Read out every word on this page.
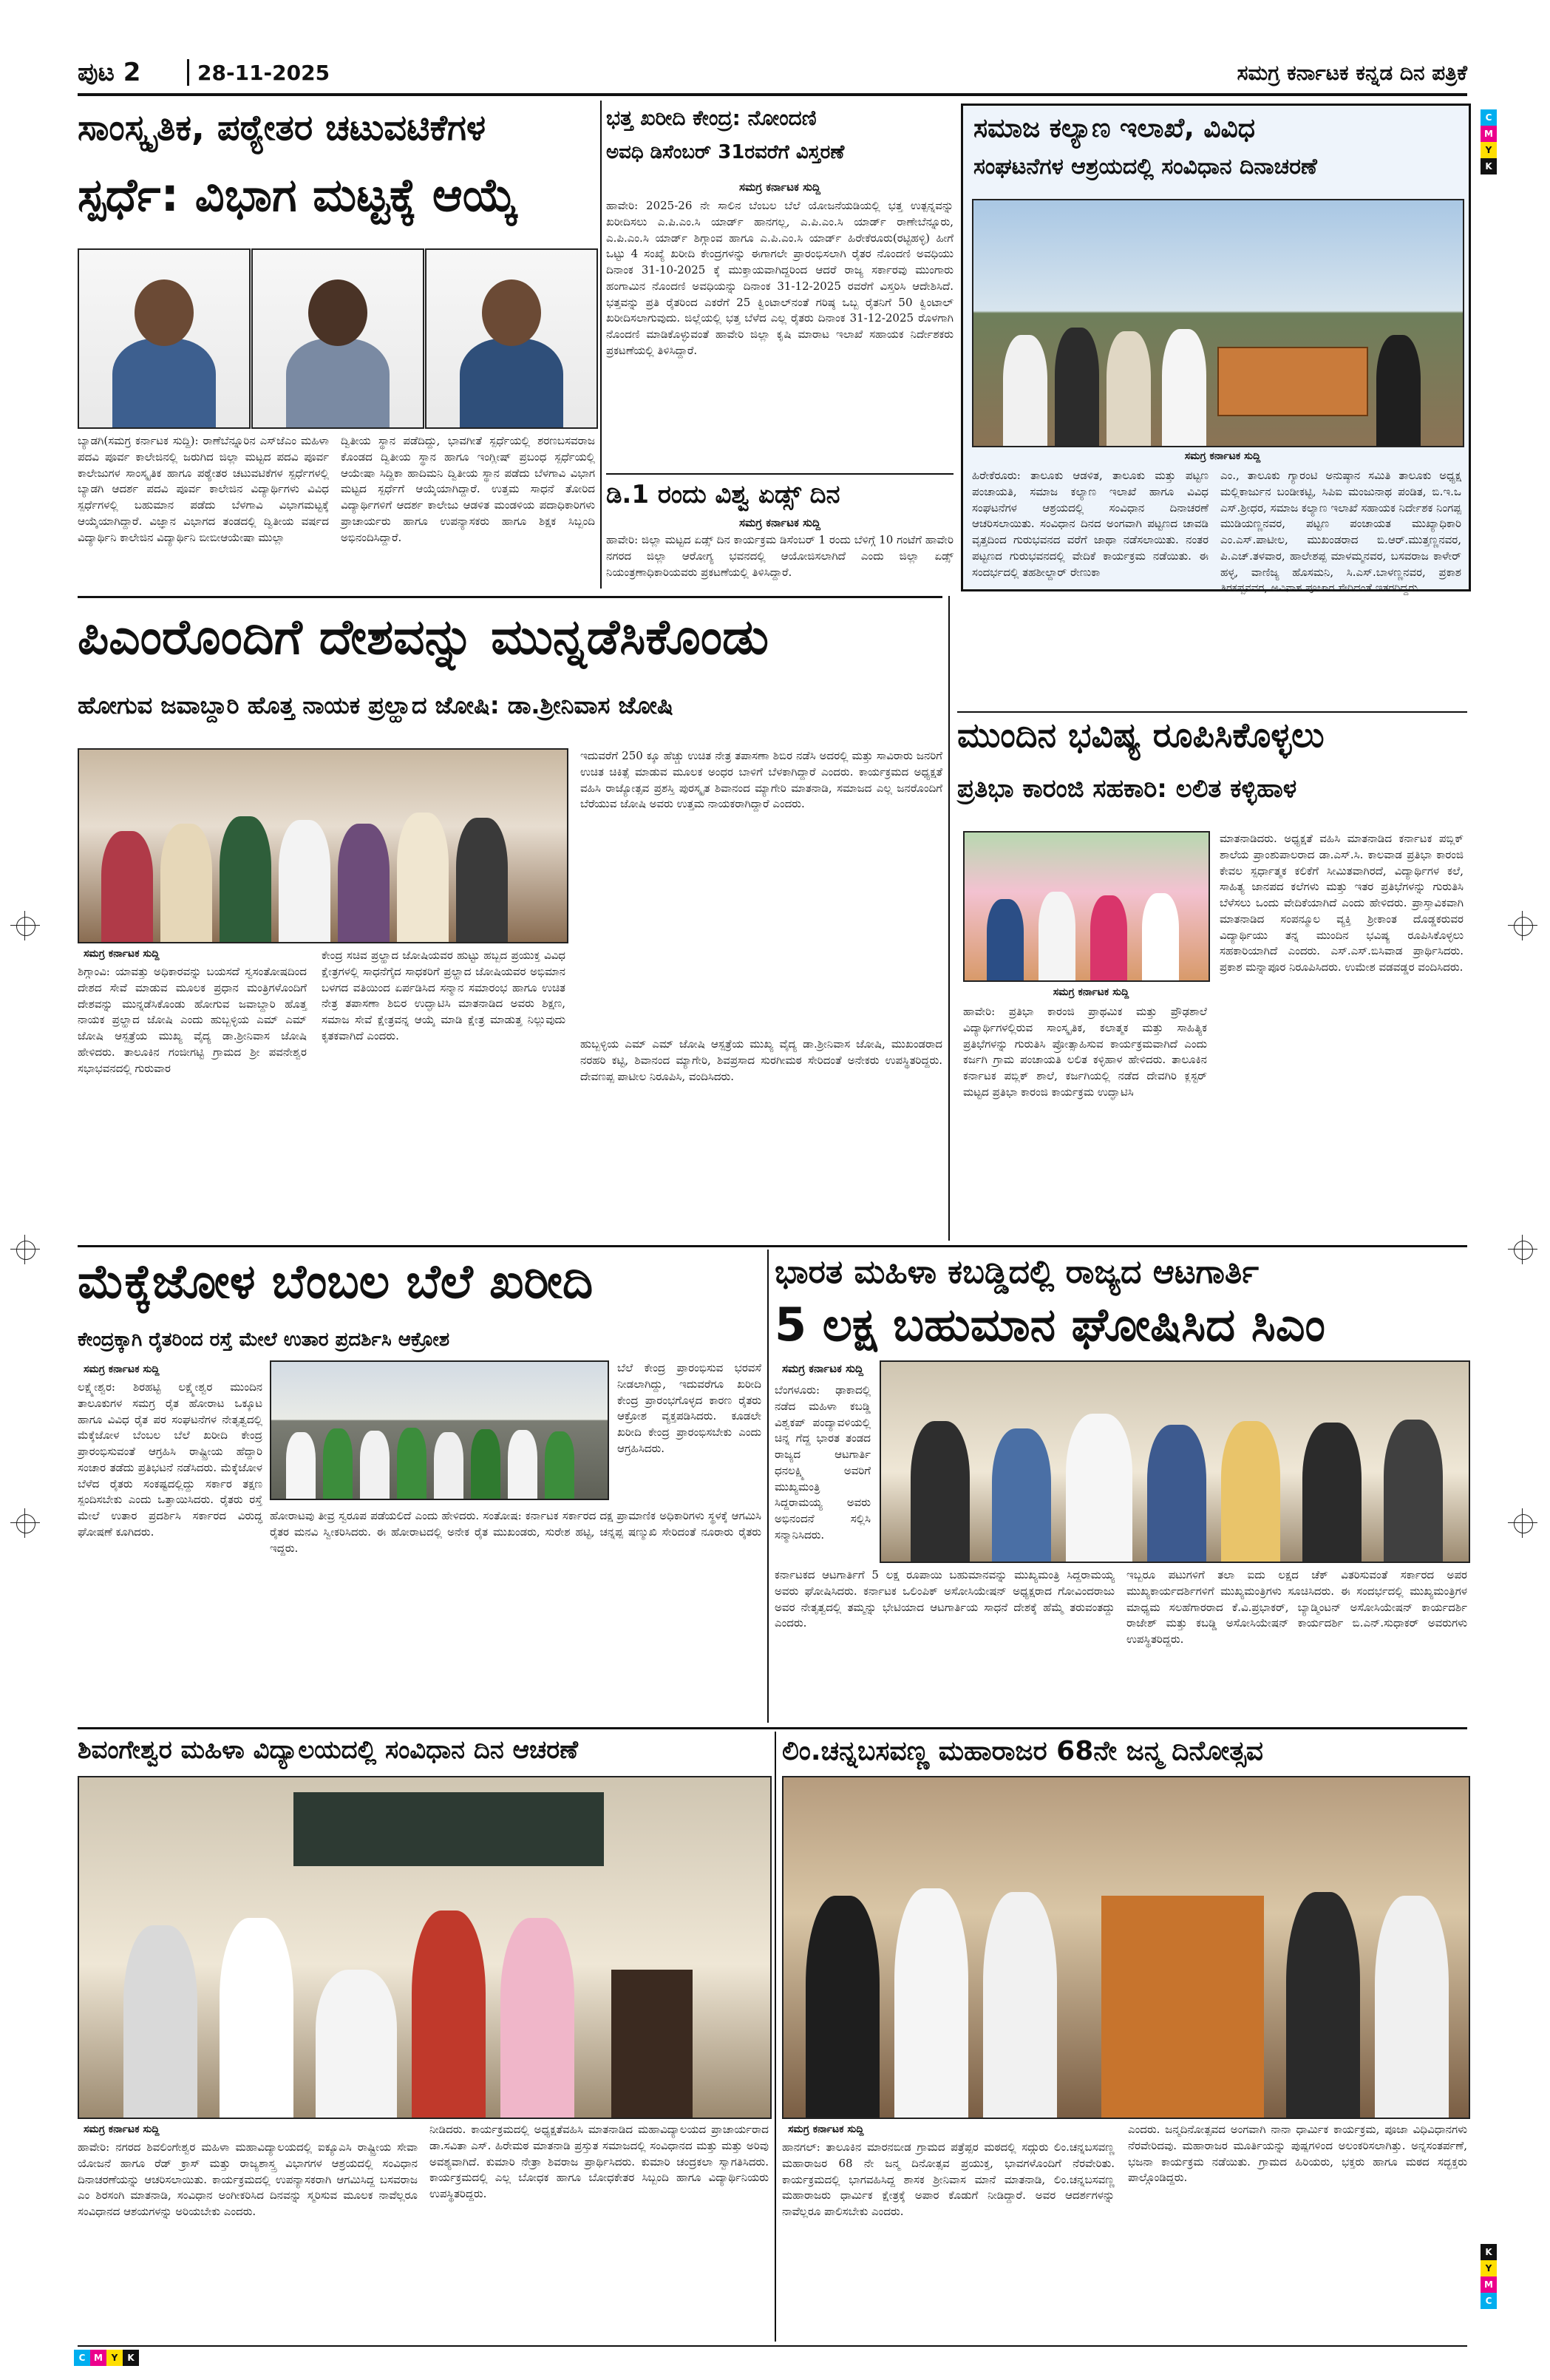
ಪುಟ 2	28-11-2025	ಸಮಗ್ರ ಕರ್ನಾಟಕ ಕನ್ನಡ ದಿನ ಪತ್ರಿಕೆ
C
M
Y
K
K
Y
M
C
C M Y	K
ಸಾಂಸ್ಕೃತಿಕ, ಪಠ್ಯೇತರ ಚಟುವಟಿಕೆಗಳ
ಸ್ಪರ್ಧೆ: ವಿಭಾಗ ಮಟ್ಟಕ್ಕೆ ಆಯ್ಕೆ
ಬ್ಯಾಡಗಿ(ಸಮಗ್ರ ಕರ್ನಾಟಕ ಸುದ್ದಿ): ರಾಣೆಬೆನ್ನೂರಿನ ಎಸ್‌ಜೆಎಂ ಮಹಿಳಾ ಪದವಿ ಪೂರ್ವ ಕಾಲೇಜಿನಲ್ಲಿ ಜರುಗಿದ ಜಿಲ್ಲಾ ಮಟ್ಟದ ಪದವಿ ಪೂರ್ವ ಕಾಲೇಜುಗಳ ಸಾಂಸ್ಕೃತಿಕ ಹಾಗೂ ಪಠ್ಯೇತರ ಚಟುವಟಿಕೆಗಳ ಸ್ಪರ್ಧೆಗಳಲ್ಲಿ ಬ್ಯಾಡಗಿ ಆದರ್ಶ ಪದವಿ ಪೂರ್ವ ಕಾಲೇಜಿನ ವಿದ್ಯಾರ್ಥಿಗಳು ವಿವಿಧ ಸ್ಪರ್ಧೆಗಳಲ್ಲಿ ಬಹುಮಾನ ಪಡೆದು ಬೆಳಗಾವಿ ವಿಭಾಗಮಟ್ಟಕ್ಕೆ ಆಯ್ಕೆಯಾಗಿದ್ದಾರೆ. ವಿಜ್ಞಾನ ವಿಭಾಗದ ತಂಡದಲ್ಲಿ ದ್ವಿತೀಯ ವರ್ಷದ ವಿದ್ಯಾರ್ಥಿನಿ ಕಾಲೇಜಿನ ವಿದ್ಯಾರ್ಥಿನಿ ಬೀಬೀಆಯೇಷಾ ಮುಲ್ಲಾ
ದ್ವಿತೀಯ ಸ್ಥಾನ ಪಡೆದಿದ್ದು, ಭಾವಗೀತೆ ಸ್ಪರ್ಧೆಯಲ್ಲಿ ಶರಣಬಸವರಾಜ ಕೊಂಡದ ದ್ವಿತೀಯ ಸ್ಥಾನ ಹಾಗೂ ಇಂಗ್ಲೀಷ್ ಪ್ರಬಂಧ ಸ್ಪರ್ಧೆಯಲ್ಲಿ ಆಯೇಷಾ ಸಿದ್ದಿಕಾ ಹಾದಿಮನಿ ದ್ವಿತೀಯ ಸ್ಥಾನ ಪಡೆದು ಬೆಳಗಾವಿ ವಿಭಾಗ ಮಟ್ಟದ ಸ್ಪರ್ಧೆಗೆ ಆಯ್ಕೆಯಾಗಿದ್ದಾರೆ. ಉತ್ತಮ ಸಾಧನೆ ತೋರಿದ ವಿದ್ಯಾರ್ಥಿಗಳಿಗೆ ಆದರ್ಶ ಕಾಲೇಜು ಆಡಳಿತ ಮಂಡಳಿಯ ಪದಾಧಿಕಾರಿಗಳು ಪ್ರಾಚಾರ್ಯರು ಹಾಗೂ ಉಪನ್ಯಾಸಕರು ಹಾಗೂ ಶಿಕ್ಷಕ ಸಿಬ್ಬಂದಿ ಅಭಿನಂದಿಸಿದ್ದಾರೆ.
ಭತ್ತ ಖರೀದಿ ಕೇಂದ್ರ: ನೋಂದಣಿ
ಅವಧಿ ಡಿಸೆಂಬರ್ 31ರವರೆಗೆ ವಿಸ್ತರಣೆ
ಸಮಗ್ರ ಕರ್ನಾಟಕ ಸುದ್ದಿ
ಹಾವೇರಿ: 2025-26 ನೇ ಸಾಲಿನ ಬೆಂಬಲ ಬೆಲೆ ಯೋಜನೆಯಡಿಯಲ್ಲಿ ಭತ್ತ ಉತ್ಪನ್ನವನ್ನು ಖರೀದಿಸಲು ಎ.ಪಿ.ಎಂ.ಸಿ ಯಾರ್ಡ್ ಹಾನಗಲ್ಲ, ಎ.ಪಿ.ಎಂ.ಸಿ ಯಾರ್ಡ್ ರಾಣೇಬೆನ್ನೂರು, ಎ.ಪಿ.ಎಂ.ಸಿ ಯಾರ್ಡ್ ಶಿಗ್ಗಾಂವ ಹಾಗೂ ಎ.ಪಿ.ಎಂ.ಸಿ ಯಾರ್ಡ್ ಹಿರೇಕೆರೂರು(ರಟ್ಟಿಹಳ್ಳಿ) ಹೀಗೆ ಒಟ್ಟು 4 ಸಂಖ್ಯೆ ಖರೀದಿ ಕೇಂದ್ರಗಳನ್ನು ಈಗಾಗಲೇ ಪ್ರಾರಂಭಿಸಲಾಗಿ ರೈತರ ನೊಂದಣಿ ಅವಧಿಯು ದಿನಾಂಕ 31-10-2025 ಕ್ಕೆ ಮುಕ್ತಾಯವಾಗಿದ್ದರಿಂದ ಆದರೆ ರಾಜ್ಯ ಸರ್ಕಾರವು ಮುಂಗಾರು ಹಂಗಾಮಿನ ನೊಂದಣಿ ಅವಧಿಯನ್ನು ದಿನಾಂಕ 31-12-2025 ರವರೆಗೆ ವಿಸ್ತರಿಸಿ ಆದೇಶಿಸಿದೆ. ಭತ್ತವನ್ನು ಪ್ರತಿ ರೈತರಿಂದ ಎಕರೆಗೆ 25 ಕ್ವಿಂಟಾಲ್‌ನಂತೆ ಗರಿಷ್ಠ ಒಬ್ಬ ರೈತನಿಗೆ 50 ಕ್ವಿಂಟಾಲ್ ಖರೀದಿಸಲಾಗುವುದು. ಜಿಲ್ಲೆಯಲ್ಲಿ ಭತ್ತ ಬೆಳೆದ ಎಲ್ಲ ರೈತರು ದಿನಾಂಕ 31-12-2025 ರೊಳಗಾಗಿ ನೊಂದಣಿ ಮಾಡಿಕೊಳ್ಳುವಂತೆ ಹಾವೇರಿ ಜಿಲ್ಲಾ ಕೃಷಿ ಮಾರಾಟ ಇಲಾಖೆ ಸಹಾಯಕ ನಿರ್ದೇಶಕರು ಪ್ರಕಟಣೆಯಲ್ಲಿ ತಿಳಿಸಿದ್ದಾರೆ.
ಡಿ.1 ರಂದು ವಿಶ್ವ ಏಡ್ಸ್ ದಿನ
ಸಮಗ್ರ ಕರ್ನಾಟಕ ಸುದ್ದಿ
ಹಾವೇರಿ: ಜಿಲ್ಲಾ ಮಟ್ಟದ ಏಡ್ಸ್ ದಿನ ಕಾರ್ಯಕ್ರಮ ಡಿಸೆಂಬರ್ 1 ರಂದು ಬೆಳಿಗ್ಗೆ 10 ಗಂಟೆಗೆ ಹಾವೇರಿ ನಗರದ ಜಿಲ್ಲಾ ಆರೋಗ್ಯ ಭವನದಲ್ಲಿ ಆಯೋಜಿಸಲಾಗಿದೆ ಎಂದು ಜಿಲ್ಲಾ ಏಡ್ಸ್ ನಿಯಂತ್ರಣಾಧಿಕಾರಿಯವರು ಪ್ರಕಟಣೆಯಲ್ಲಿ ತಿಳಿಸಿದ್ದಾರೆ.
ಸಮಾಜ ಕಲ್ಯಾಣ ಇಲಾಖೆ, ವಿವಿಧ
ಸಂಘಟನೆಗಳ ಆಶ್ರಯದಲ್ಲಿ ಸಂವಿಧಾನ ದಿನಾಚರಣೆ
ಸಮಗ್ರ ಕರ್ನಾಟಕ ಸುದ್ದಿ
ಹಿರೇಕೆರೂರು: ತಾಲೂಕು ಆಡಳಿತ, ತಾಲೂಕು ಮತ್ತು ಪಟ್ಟಣ ಪಂಚಾಯತಿ, ಸಮಾಜ ಕಲ್ಯಾಣ ಇಲಾಖೆ ಹಾಗೂ ವಿವಿಧ ಸಂಘಟನೆಗಳ ಆಶ್ರಯದಲ್ಲಿ ಸಂವಿಧಾನ ದಿನಾಚರಣೆ ಆಚರಿಸಲಾಯಿತು. ಸಂವಿಧಾನ ದಿನದ ಅಂಗವಾಗಿ ಪಟ್ಟಣದ ಚಾವಡಿ ವೃತ್ತದಿಂದ ಗುರುಭವನದ ವರೆಗೆ ಜಾಥಾ ನಡೆಸಲಾಯಿತು. ನಂತರ ಪಟ್ಟಣದ ಗುರುಭವನದಲ್ಲಿ ವೇದಿಕೆ ಕಾರ್ಯಕ್ರಮ ನಡೆಯಿತು. ಈ ಸಂದರ್ಭದಲ್ಲಿ ತಹಶೀಲ್ದಾರ್ ರೇಣುಕಾ
ಎಂ., ತಾಲೂಕು ಗ್ಯಾರಂಟಿ ಅನುಷ್ಠಾನ ಸಮಿತಿ ತಾಲೂಕು ಅಧ್ಯಕ್ಷ ಮಲ್ಲಿಕಾರ್ಜುನ ಬಂಡೀಕಟ್ಟಿ, ಸಿಪಿಐ ಮಂಜುನಾಥ ಪಂಡಿತ, ಬಿ.ಇ.ಒ ಎಸ್.ಶ್ರೀಧರ, ಸಮಾಜ ಕಲ್ಯಾಣ ಇಲಾಖೆ ಸಹಾಯಕ ನಿರ್ದೇಶಕ ನಿಂಗಪ್ಪ ಮುಡಿಯಣ್ಣನವರ, ಪಟ್ಟಣ ಪಂಚಾಯತ ಮುಖ್ಯಾಧಿಕಾರಿ ಎಂ.ಎಸ್.ಪಾಟೀಲ, ಮುಖಂಡರಾದ ಬಿ.ಆರ್.ಮುತ್ತಣ್ಣನವರ, ಪಿ.ಎಚ್.ತಳವಾರ, ಹಾಲೇಶಪ್ಪ ಮಾಳಮ್ಮನವರ, ಬಸವರಾಜ ಕಾಳೇರ್ ಹಳ್ಳ, ವಾಣಿಜ್ಯ ಹೊಸಮನಿ, ಸಿ.ಎಸ್.ಬಾಳಣ್ಣನವರ, ಪ್ರಕಾಶ ತಿರಕಪ್ಪನವರ, ಅವಿನಾಶ ಪೂಜಾರ ಸೇರಿದಂತೆ ಇತರರಿದ್ದರು.
ಪಿಎಂರೊಂದಿಗೆ ದೇಶವನ್ನು ಮುನ್ನಡೆಸಿಕೊಂಡು
ಹೋಗುವ ಜವಾಬ್ದಾರಿ ಹೊತ್ತ ನಾಯಕ ಪ್ರಲ್ಹಾದ ಜೋಷಿ: ಡಾ.ಶ್ರೀನಿವಾಸ ಜೋಷಿ
ಸಮಗ್ರ ಕರ್ನಾಟಕ ಸುದ್ದಿ
ಶಿಗ್ಗಾಂವಿ: ಯಾವತ್ತು ಅಧಿಕಾರವನ್ನು ಬಯಸದೆ ಸ್ವಸಂತೋಷದಿಂದ ದೇಶದ ಸೇವೆ ಮಾಡುವ ಮೂಲಕ ಪ್ರಧಾನ ಮಂತ್ರಿಗಳೊಂದಿಗೆ ದೇಶವನ್ನು ಮುನ್ನಡೆಸಿಕೊಂಡು ಹೋಗುವ ಜವಾಬ್ದಾರಿ ಹೊತ್ತ ನಾಯಕ ಪ್ರಲ್ಹಾದ ಜೋಷಿ ಎಂದು ಹುಬ್ಬಳ್ಳಿಯ ಎಮ್ ಎಮ್ ಜೋಷಿ ಆಸ್ಪತ್ರೆಯ ಮುಖ್ಯ ವೈದ್ಯ ಡಾ.ಶ್ರೀನಿವಾಸ ಜೋಷಿ ಹೇಳಿದರು. ತಾಲೂಕಿನ ಗಂಜೀಗಟ್ಟಿ ಗ್ರಾಮದ ಶ್ರೀ ಪವನೇಶ್ವರ ಸಭಾಭವನದಲ್ಲಿ ಗುರುವಾರ
ಕೇಂದ್ರ ಸಚಿವ ಪ್ರಲ್ಹಾದ ಜೋಷಿಯವರ ಹುಟ್ಟು ಹಬ್ಬದ ಪ್ರಯುಕ್ತ ವಿವಿಧ ಕ್ಷೇತ್ರಗಳಲ್ಲಿ ಸಾಧನೆಗೈದ ಸಾಧಕರಿಗೆ ಪ್ರಲ್ಹಾದ ಜೋಷಿಯವರ ಅಭಿಮಾನ ಬಳಗದ ವತಿಯಿಂದ ಏರ್ಪಡಿಸಿದ ಸನ್ಮಾನ ಸಮಾರಂಭ ಹಾಗೂ ಉಚಿತ ನೇತ್ರ ತಪಾಸಣಾ ಶಿಬಿರ ಉದ್ಘಾಟಿಸಿ ಮಾತನಾಡಿದ ಅವರು ಶಿಕ್ಷಣ, ಸಮಾಜ ಸೇವೆ ಕ್ಷೇತ್ರವನ್ನ ಆಯ್ಕೆ ಮಾಡಿ ಕ್ಷೇತ್ರ ಮಾಡುತ್ತ ನಿಲ್ಲುವುದು ಕೃತಕವಾಗಿದೆ ಎಂದರು.
ಇದುವರೆಗೆ 250 ಕ್ಕೂ ಹೆಚ್ಚು ಉಚಿತ ನೇತ್ರ ತಪಾಸಣಾ ಶಿಬಿರ ನಡೆಸಿ ಅದರಲ್ಲಿ ಮತ್ತು ಸಾವಿರಾರು ಜನರಿಗೆ ಉಚಿತ ಚಿಕಿತ್ಸೆ ಮಾಡುವ ಮೂಲಕ ಅಂಧರ ಬಾಳಿಗೆ ಬೆಳಕಾಗಿದ್ದಾರೆ ಎಂದರು. ಕಾರ್ಯಕ್ರಮದ ಅಧ್ಯಕ್ಷತೆ ವಹಿಸಿ ರಾಜ್ಯೋತ್ಸವ ಪ್ರಶಸ್ತಿ ಪುರಸ್ಕೃತ ಶಿವಾನಂದ ಮ್ಯಾಗೇರಿ ಮಾತನಾಡಿ, ಸಮಾಜದ ಎಲ್ಲ ಜನರೊಂದಿಗೆ ಬೆರೆಯುವ ಜೋಷಿ ಅವರು ಉತ್ತಮ ನಾಯಕರಾಗಿದ್ದಾರೆ ಎಂದರು.
ಹುಬ್ಬಳ್ಳಿಯ ಎಮ್ ಎಮ್ ಜೋಷಿ ಆಸ್ಪತ್ರೆಯ ಮುಖ್ಯ ವೈದ್ಯ ಡಾ.ಶ್ರೀನಿವಾಸ ಜೋಷಿ, ಮುಖಂಡರಾದ ನರಹರಿ ಕಟ್ಟಿ, ಶಿವಾನಂದ ಮ್ಯಾಗೇರಿ, ಶಿವಪ್ರಸಾದ ಸುರಗೀಮಠ ಸೇರಿದಂತೆ ಅನೇಕರು ಉಪಸ್ಥಿತರಿದ್ದರು. ದೇವಣಪ್ಪ ಪಾಟೀಲ ನಿರೂಪಿಸಿ, ವಂದಿಸಿದರು.
ಮುಂದಿನ ಭವಿಷ್ಯ ರೂಪಿಸಿಕೊಳ್ಳಲು
ಪ್ರತಿಭಾ ಕಾರಂಜಿ ಸಹಕಾರಿ: ಲಲಿತ ಕಳ್ಳಿಹಾಳ
ಸಮಗ್ರ ಕರ್ನಾಟಕ ಸುದ್ದಿ
ಹಾವೇರಿ: ಪ್ರತಿಭಾ ಕಾರಂಜಿ ಪ್ರಾಥಮಿಕ ಮತ್ತು ಪ್ರೌಢಶಾಲೆ ವಿದ್ಯಾರ್ಥಿಗಳಲ್ಲಿರುವ ಸಾಂಸ್ಕೃತಿಕ, ಕಲಾತ್ಮಕ ಮತ್ತು ಸಾಹಿತ್ಯಿಕ ಪ್ರತಿಭೆಗಳನ್ನು ಗುರುತಿಸಿ ಪ್ರೋತ್ಸಾಹಿಸುವ ಕಾರ್ಯಕ್ರಮವಾಗಿದೆ ಎಂದು ಕರ್ಜಗಿ ಗ್ರಾಮ ಪಂಚಾಯತಿ ಲಲಿತ ಕಳ್ಳಿಹಾಳ ಹೇಳಿದರು. ತಾಲೂಕಿನ ಕರ್ನಾಟಕ ಪಬ್ಲಿಕ್ ಶಾಲೆ, ಕರ್ಜಗಿಯಲ್ಲಿ ನಡೆದ ದೇವಗಿರಿ ಕ್ಲಸ್ಟರ್ ಮಟ್ಟದ ಪ್ರತಿಭಾ ಕಾರಂಜಿ ಕಾರ್ಯಕ್ರಮ ಉದ್ಘಾಟಿಸಿ
ಮಾತನಾಡಿದರು. ಅಧ್ಯಕ್ಷತೆ ವಹಿಸಿ ಮಾತನಾಡಿದ ಕರ್ನಾಟಕ ಪಬ್ಲಿಕ್ ಶಾಲೆಯ ಪ್ರಾಂಶುಪಾಲರಾದ ಡಾ.ಎಸ್.ಸಿ. ಕಾಲವಾಡ ಪ್ರತಿಭಾ ಕಾರಂಜಿ ಕೇವಲ ಸ್ಪರ್ಧಾತ್ಮಕ ಕಲಿಕೆಗೆ ಸೀಮಿತವಾಗಿರದೆ, ವಿದ್ಯಾರ್ಥಿಗಳ ಕಲೆ, ಸಾಹಿತ್ಯ ಜಾನಪದ ಕಲೆಗಳು ಮತ್ತು ಇತರ ಪ್ರತಿಭೆಗಳನ್ನು ಗುರುತಿಸಿ ಬೆಳೆಸಲು ಒಂದು ವೇದಿಕೆಯಾಗಿದೆ ಎಂದು ಹೇಳಿದರು. ಪ್ರಾಸ್ತಾವಿಕವಾಗಿ ಮಾತನಾಡಿದ ಸಂಪನ್ಮೂಲ ವ್ಯಕ್ತಿ ಶ್ರೀಕಾಂತ ದೊಡ್ಡಕರುವರ ವಿದ್ಯಾರ್ಥಿಯು ತನ್ನ ಮುಂದಿನ ಭವಿಷ್ಯ ರೂಪಿಸಿಕೊಳ್ಳಲು ಸಹಕಾರಿಯಾಗಿದೆ ಎಂದರು. ಎಸ್.ಎಸ್.ಬಿಸಿವಾಡ ಪ್ರಾರ್ಥಿಸಿದರು. ಪ್ರಕಾಶ ಮನ್ನಾಪೂರ ನಿರೂಪಿಸಿದರು. ಉಮೇಶ ವಡವಡ್ಡರ ವಂದಿಸಿದರು.
ಮೆಕ್ಕೆಜೋಳ ಬೆಂಬಲ ಬೆಲೆ ಖರೀದಿ
ಕೇಂದ್ರಕ್ಕಾಗಿ ರೈತರಿಂದ ರಸ್ತೆ ಮೇಲೆ ಉತಾರ ಪ್ರದರ್ಶಿಸಿ ಆಕ್ರೋಶ
ಸಮಗ್ರ ಕರ್ನಾಟಕ ಸುದ್ದಿ	ಬೆಲೆ ಕೇಂದ್ರ ಪ್ರಾರಂಭಿಸುವ ಭರವಸೆ ನೀಡಲಾಗಿದ್ದು, ಇದುವರೆಗೂ ಖರೀದಿ ಕೇಂದ್ರ ಪ್ರಾರಂಭಗೊಳ್ಳದ ಕಾರಣ ರೈತರು ಆಕ್ರೋಶ ವ್ಯಕ್ತಪಡಿಸಿದರು. ಕೂಡಲೇ ಖರೀದಿ ಕೇಂದ್ರ ಪ್ರಾರಂಭಿಸಬೇಕು ಎಂದು ಆಗ್ರಹಿಸಿದರು.
ಲಕ್ಷ್ಮೇಶ್ವರ: ಶಿರಹಟ್ಟಿ ಲಕ್ಷ್ಮೇಶ್ವರ ಮುಂದಿನ ತಾಲೂಕುಗಳ ಸಮಗ್ರ ರೈತ ಹೋರಾಟ ಒಕ್ಕೂಟ ಹಾಗೂ ವಿವಿಧ ರೈತ ಪರ ಸಂಘಟನೆಗಳ ನೇತೃತ್ವದಲ್ಲಿ ಮೆಕ್ಕೆಜೋಳ ಬೆಂಬಲ ಬೆಲೆ ಖರೀದಿ ಕೇಂದ್ರ ಪ್ರಾರಂಭಿಸುವಂತೆ ಆಗ್ರಹಿಸಿ ರಾಷ್ಟ್ರೀಯ ಹೆದ್ದಾರಿ ಸಂಚಾರ ತಡೆದು ಪ್ರತಿಭಟನೆ ನಡೆಸಿದರು. ಮೆಕ್ಕೆಜೋಳ ಬೆಳೆದ ರೈತರು ಸಂಕಷ್ಟದಲ್ಲಿದ್ದು ಸರ್ಕಾರ ತಕ್ಷಣ ಸ್ಪಂದಿಸಬೇಕು ಎಂದು ಒತ್ತಾಯಿಸಿದರು. ರೈತರು ರಸ್ತೆ ಮೇಲೆ ಉತಾರ ಪ್ರದರ್ಶಿಸಿ ಸರ್ಕಾರದ ವಿರುದ್ಧ ಘೋಷಣೆ ಕೂಗಿದರು.
ಹೋರಾಟವು ತೀವ್ರ ಸ್ವರೂಪ ಪಡೆಯಲಿದೆ ಎಂದು ಹೇಳಿದರು. ಸಂತೋಷ: ಕರ್ನಾಟಕ ಸರ್ಕಾರದ ದಕ್ಷ ಪ್ರಾಮಾಣಿಕ ಅಧಿಕಾರಿಗಳು ಸ್ಥಳಕ್ಕೆ ಆಗಮಿಸಿ ರೈತರ ಮನವಿ ಸ್ವೀಕರಿಸಿದರು. ಈ ಹೋರಾಟದಲ್ಲಿ ಅನೇಕ ರೈತ ಮುಖಂಡರು, ಸುರೇಶ ಹಟ್ಟಿ, ಚನ್ನಪ್ಪ ಷಣ್ಮುಖಿ ಸೇರಿದಂತೆ ನೂರಾರು ರೈತರು ಇದ್ದರು.
ಭಾರತ ಮಹಿಳಾ ಕಬಡ್ಡಿದಲ್ಲಿ ರಾಜ್ಯದ ಆಟಗಾರ್ತಿ
5 ಲಕ್ಷ ಬಹುಮಾನ ಘೋಷಿಸಿದ ಸಿಎಂ
ಸಮಗ್ರ ಕರ್ನಾಟಕ ಸುದ್ದಿ
ಬೆಂಗಳೂರು: ಢಾಕಾದಲ್ಲಿ ನಡೆದ ಮಹಿಳಾ ಕಬಡ್ಡಿ ವಿಶ್ವಕಪ್ ಪಂದ್ಯಾವಳಿಯಲ್ಲಿ ಚಿನ್ನ ಗೆದ್ದ ಭಾರತ ತಂಡದ ರಾಜ್ಯದ ಆಟಗಾರ್ತಿ ಧನಲಕ್ಷ್ಮಿ ಅವರಿಗೆ ಮುಖ್ಯಮಂತ್ರಿ ಸಿದ್ದರಾಮಯ್ಯ ಅವರು ಅಭಿನಂದನೆ ಸಲ್ಲಿಸಿ ಸನ್ಮಾನಿಸಿದರು.
ಕರ್ನಾಟಕದ ಆಟಗಾರ್ತಿಗೆ 5 ಲಕ್ಷ ರೂಪಾಯಿ ಬಹುಮಾನವನ್ನು ಮುಖ್ಯಮಂತ್ರಿ ಸಿದ್ದರಾಮಯ್ಯ ಅವರು ಘೋಷಿಸಿದರು. ಕರ್ನಾಟಕ ಒಲಿಂಪಿಕ್ ಅಸೋಸಿಯೇಷನ್ ಅಧ್ಯಕ್ಷರಾದ ಗೋವಿಂದರಾಜು ಅವರ ನೇತೃತ್ವದಲ್ಲಿ ತಮ್ಮನ್ನು ಭೇಟಿಯಾದ ಆಟಗಾರ್ತಿಯ ಸಾಧನೆ ದೇಶಕ್ಕೆ ಹೆಮ್ಮೆ ತರುವಂತದ್ದು ಎಂದರು.
ಇಬ್ಬರೂ ಪಟುಗಳಿಗೆ ತಲಾ ಐದು ಲಕ್ಷದ ಚೆಕ್ ವಿತರಿಸುವಂತೆ ಸರ್ಕಾರದ ಅಪರ ಮುಖ್ಯಕಾರ್ಯದರ್ಶಿಗಳಿಗೆ ಮುಖ್ಯಮಂತ್ರಿಗಳು ಸೂಚಿಸಿದರು. ಈ ಸಂದರ್ಭದಲ್ಲಿ ಮುಖ್ಯಮಂತ್ರಿಗಳ ಮಾಧ್ಯಮ ಸಲಹೆಗಾರರಾದ ಕೆ.ವಿ.ಪ್ರಭಾಕರ್, ಬ್ಯಾಡ್ಮಿಂಟನ್ ಅಸೋಸಿಯೇಷನ್ ಕಾರ್ಯದರ್ಶಿ ರಾಜೇಶ್ ಮತ್ತು ಕಬಡ್ಡಿ ಅಸೋಸಿಯೇಷನ್ ಕಾರ್ಯದರ್ಶಿ ಬಿ.ಎನ್.ಸುಧಾಕರ್ ಅವರುಗಳು ಉಪಸ್ಥಿತರಿದ್ದರು.
ಶಿವಂಗೇಶ್ವರ ಮಹಿಳಾ ವಿದ್ಯಾಲಯದಲ್ಲಿ ಸಂವಿಧಾನ ದಿನ ಆಚರಣೆ
ಸಮಗ್ರ ಕರ್ನಾಟಕ ಸುದ್ದಿ
ಹಾವೇರಿ: ನಗರದ ಶಿವಲಿಂಗೇಶ್ವರ ಮಹಿಳಾ ಮಹಾವಿದ್ಯಾಲಯದಲ್ಲಿ ಐಕ್ಯೂಎಸಿ ರಾಷ್ಟ್ರೀಯ ಸೇವಾ ಯೋಜನೆ ಹಾಗೂ ರೆಡ್ ಕ್ರಾಸ್ ಮತ್ತು ರಾಜ್ಯಶಾಸ್ತ್ರ ವಿಭಾಗಗಳ ಆಶ್ರಯದಲ್ಲಿ ಸಂವಿಧಾನ ದಿನಾಚರಣೆಯನ್ನು ಆಚರಿಸಲಾಯಿತು. ಕಾರ್ಯಕ್ರಮದಲ್ಲಿ ಉಪನ್ಯಾಸಕರಾಗಿ ಆಗಮಿಸಿದ್ದ ಬಸವರಾಜ ಎಂ ಶಿರಸಂಗಿ ಮಾತನಾಡಿ, ಸಂವಿಧಾನ ಅಂಗೀಕರಿಸಿದ ದಿನವನ್ನು ಸ್ಮರಿಸುವ ಮೂಲಕ ನಾವೆಲ್ಲರೂ ಸಂವಿಧಾನದ ಆಶಯಗಳನ್ನು ಅರಿಯಬೇಕು ಎಂದರು.
ನೀಡಿದರು. ಕಾರ್ಯಕ್ರಮದಲ್ಲಿ ಅಧ್ಯಕ್ಷತೆವಹಿಸಿ ಮಾತನಾಡಿದ ಮಹಾವಿದ್ಯಾಲಯದ ಪ್ರಾಚಾರ್ಯರಾದ ಡಾ.ಸವಿತಾ ಎಸ್. ಹಿರೇಮಠ ಮಾತನಾಡಿ ಪ್ರಸ್ತುತ ಸಮಾಜದಲ್ಲಿ ಸಂವಿಧಾನದ ಮತ್ತು ಮತ್ತು ಅರಿವು ಅವಶ್ಯವಾಗಿದೆ. ಕುಮಾರಿ ನೇತ್ರಾ ಶಿವರಾಜ ಪ್ರಾರ್ಥಿಸಿದರು. ಕುಮಾರಿ ಚಂದ್ರಕಲಾ ಸ್ವಾಗತಿಸಿದರು. ಕಾರ್ಯಕ್ರಮದಲ್ಲಿ ಎಲ್ಲ ಬೋಧಕ ಹಾಗೂ ಬೋಧಕೇತರ ಸಿಬ್ಬಂದಿ ಹಾಗೂ ವಿದ್ಯಾರ್ಥಿನಿಯರು ಉಪಸ್ಥಿತರಿದ್ದರು.
ಲಿಂ.ಚನ್ನಬಸವಣ್ಣ ಮಹಾರಾಜರ 68ನೇ ಜನ್ಮ ದಿನೋತ್ಸವ
ಸಮಗ್ರ ಕರ್ನಾಟಕ ಸುದ್ದಿ
ಹಾನಗಲ್: ತಾಲೂಕಿನ ಮಾರನಬೀಡ ಗ್ರಾಮದ ಪತ್ರೆಪ್ಪರ ಮಠದಲ್ಲಿ ಸದ್ಗುರು ಲಿಂ.ಚನ್ನಬಸವಣ್ಣ ಮಹಾರಾಜರ 68 ನೇ ಜನ್ಮ ದಿನೋತ್ಸವ ಪ್ರಯುಕ್ತ, ಭಾವಗಳೊಂದಿಗೆ ನೆರವೇರಿತು. ಕಾರ್ಯಕ್ರಮದಲ್ಲಿ ಭಾಗವಹಿಸಿದ್ದ ಶಾಸಕ ಶ್ರೀನಿವಾಸ ಮಾನೆ ಮಾತನಾಡಿ, ಲಿಂ.ಚನ್ನಬಸವಣ್ಣ ಮಹಾರಾಜರು ಧಾರ್ಮಿಕ ಕ್ಷೇತ್ರಕ್ಕೆ ಅಪಾರ ಕೊಡುಗೆ ನೀಡಿದ್ದಾರೆ. ಅವರ ಆದರ್ಶಗಳನ್ನು ನಾವೆಲ್ಲರೂ ಪಾಲಿಸಬೇಕು ಎಂದರು.
ಎಂದರು. ಜನ್ಮದಿನೋತ್ಸವದ ಅಂಗವಾಗಿ ನಾನಾ ಧಾರ್ಮಿಕ ಕಾರ್ಯಕ್ರಮ, ಪೂಜಾ ವಿಧಿವಿಧಾನಗಳು ನೆರವೇರಿದವು. ಮಹಾರಾಜರ ಮೂರ್ತಿಯನ್ನು ಪುಷ್ಪಗಳಿಂದ ಅಲಂಕರಿಸಲಾಗಿತ್ತು. ಅನ್ನಸಂತರ್ಪಣೆ, ಭಜನಾ ಕಾರ್ಯಕ್ರಮ ನಡೆಯಿತು. ಗ್ರಾಮದ ಹಿರಿಯರು, ಭಕ್ತರು ಹಾಗೂ ಮಠದ ಸದ್ಭಕ್ತರು ಪಾಲ್ಗೊಂಡಿದ್ದರು.
